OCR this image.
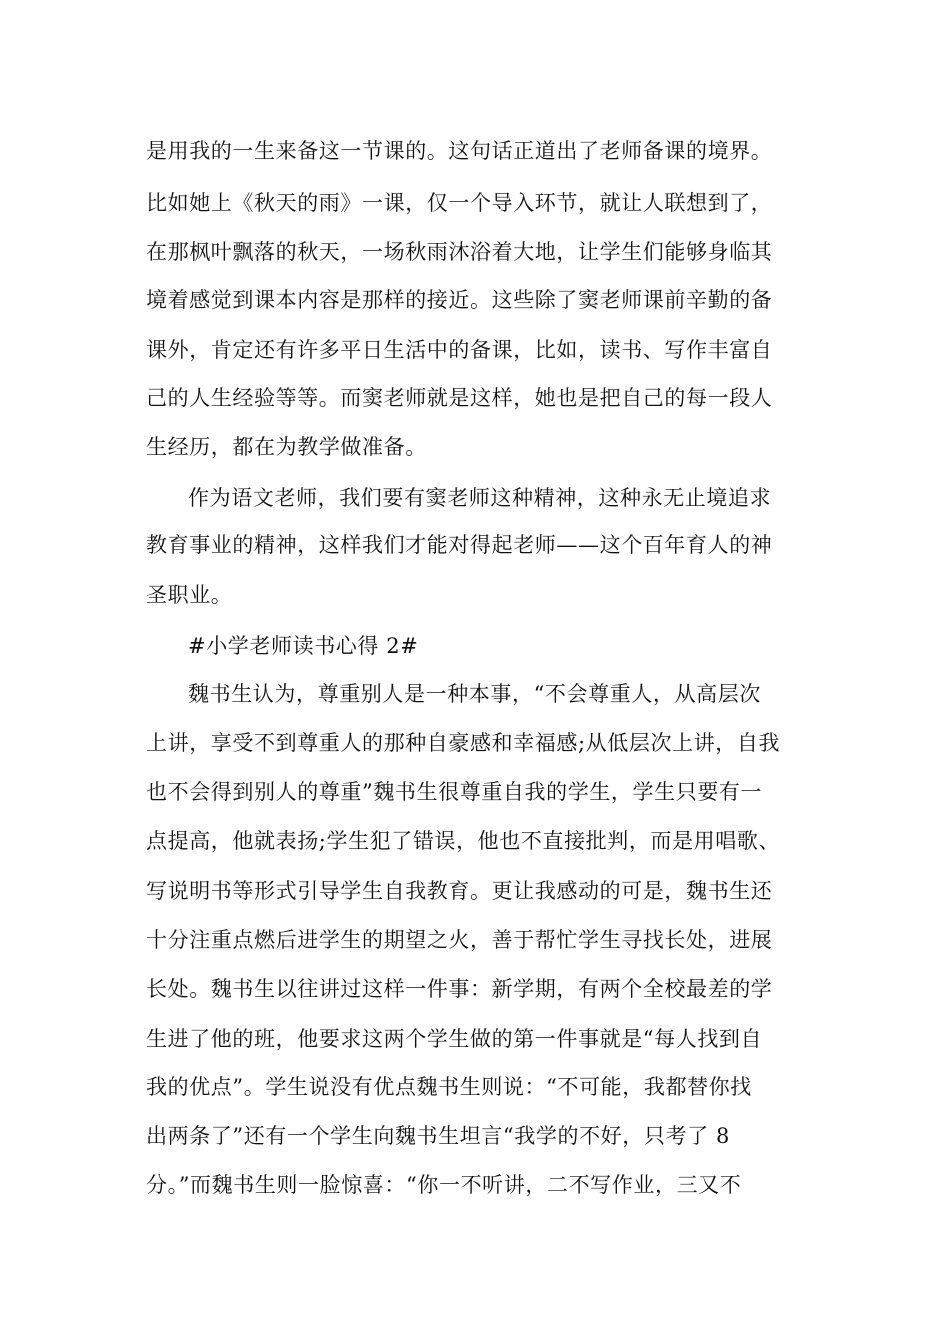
是用我的一生来备这一节课的。这句话正道出了老师备课的境界。
比如她上《秋天的雨》一课，仅一个导入环节，就让人联想到了，
在那枫叶飘落的秋天，一场秋雨沐浴着大地，让学生们能够身临其
境着感觉到课本内容是那样的接近。这些除了窦老师课前辛勤的备
课外，肯定还有许多平日生活中的备课，比如，读书、写作丰富自
己的人生经验等等。而窦老师就是这样，她也是把自己的每一段人
生经历，都在为教学做准备。
作为语文老师，我们要有窦老师这种精神，这种永无止境追求
教育事业的精神，这样我们才能对得起老师——这个百年育人的神
圣职业。
#小学老师读书心得 2#
魏书生认为，尊重别人是一种本事，“不会尊重人，从高层次
上讲，享受不到尊重人的那种自豪感和幸福感;从低层次上讲，自我
也不会得到别人的尊重”魏书生很尊重自我的学生，学生只要有一
点提高，他就表扬;学生犯了错误，他也不直接批判，而是用唱歌、
写说明书等形式引导学生自我教育。更让我感动的可是，魏书生还
十分注重点燃后进学生的期望之火，善于帮忙学生寻找长处，进展
长处。魏书生以往讲过这样一件事：新学期，有两个全校最差的学
生进了他的班，他要求这两个学生做的第一件事就是“每人找到自
我的优点”。学生说没有优点魏书生则说：“不可能，我都替你找
出两条了”还有一个学生向魏书生坦言“我学的不好，只考了 8
分。”而魏书生则一脸惊喜：“你一不听讲，二不写作业，三又不
